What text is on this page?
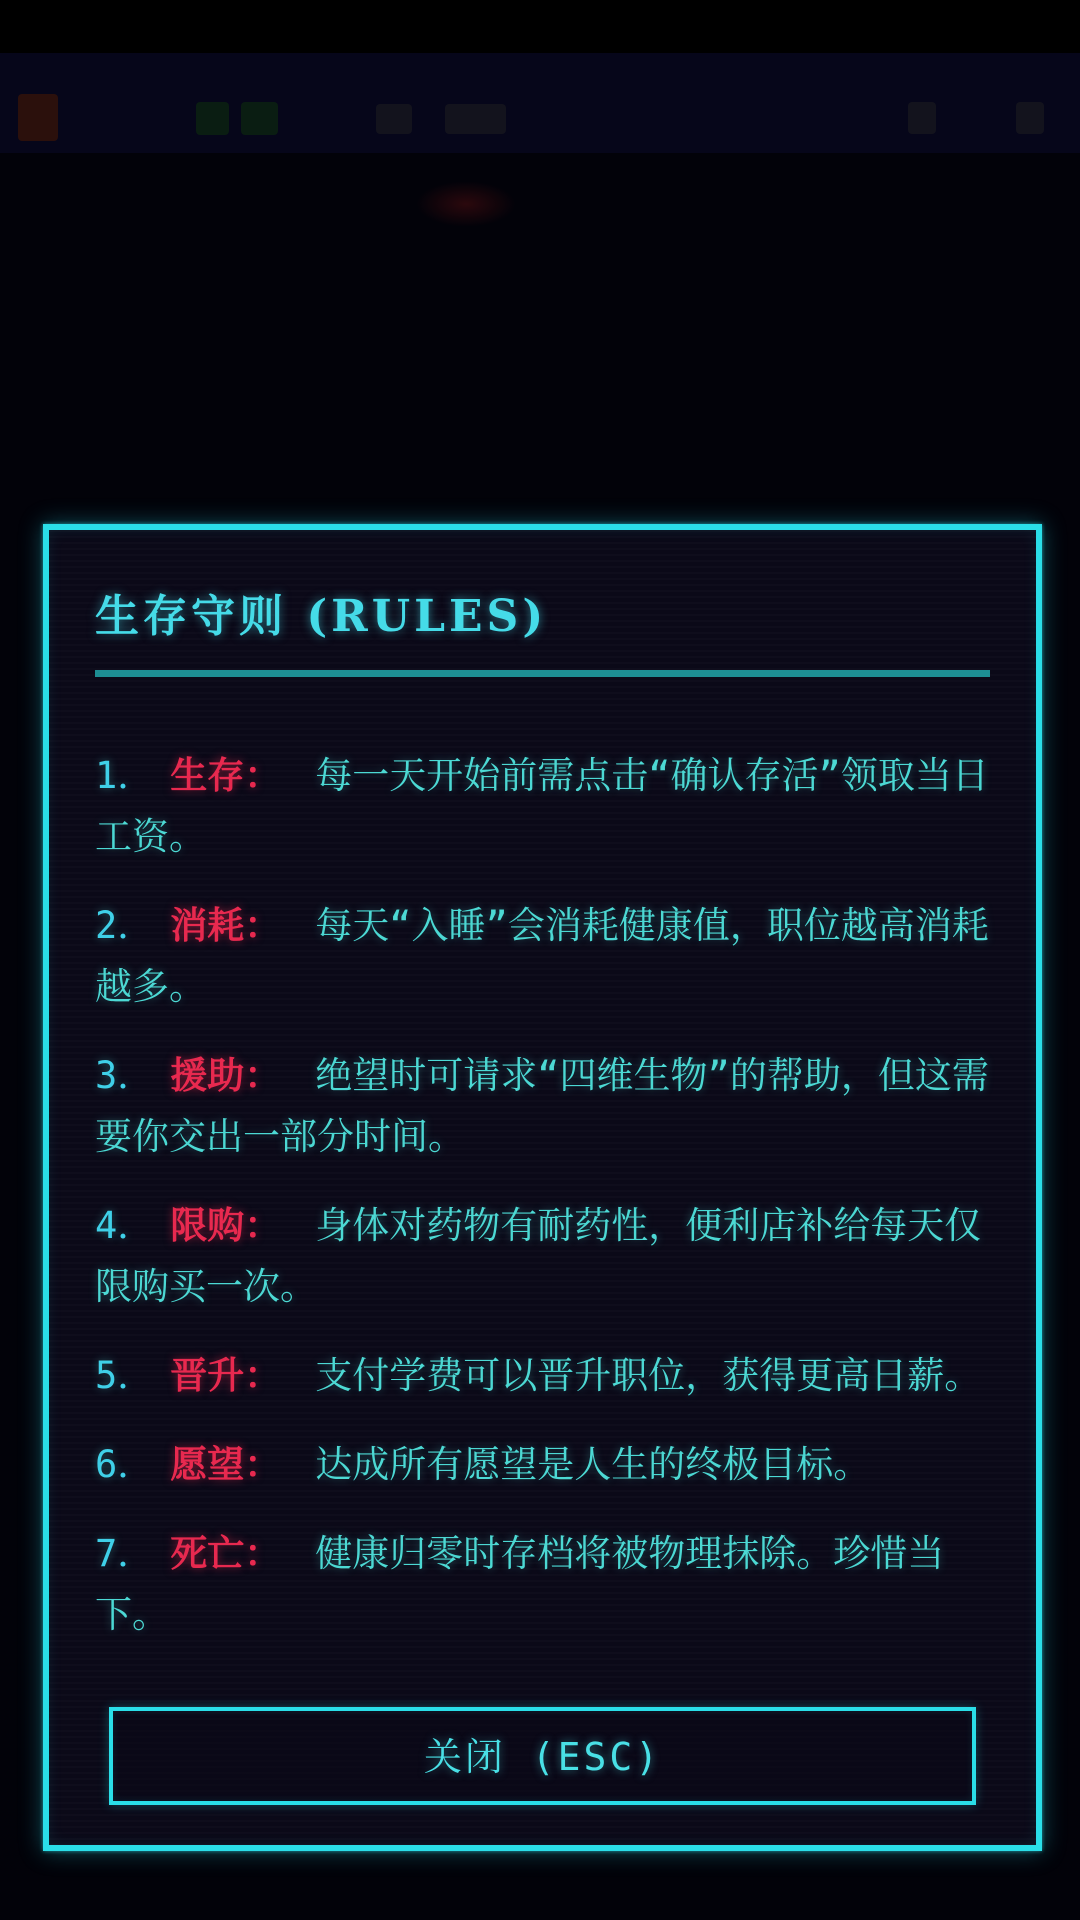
生存守则 (RULES)

1． 生存： 每一天开始前需点击“确认存活”领取当日工资。

2． 消耗： 每天“入睡”会消耗健康值，职位越高消耗越多。

3． 援助： 绝望时可请求“四维生物”的帮助，但这需要你交出一部分时间。

4． 限购： 身体对药物有耐药性，便利店补给每天仅限购买一次。

5． 晋升： 支付学费可以晋升职位，获得更高日薪。

6． 愿望： 达成所有愿望是人生的终极目标。

7． 死亡： 健康归零时存档将被物理抹除。珍惜当下。

关闭 (ESC)
